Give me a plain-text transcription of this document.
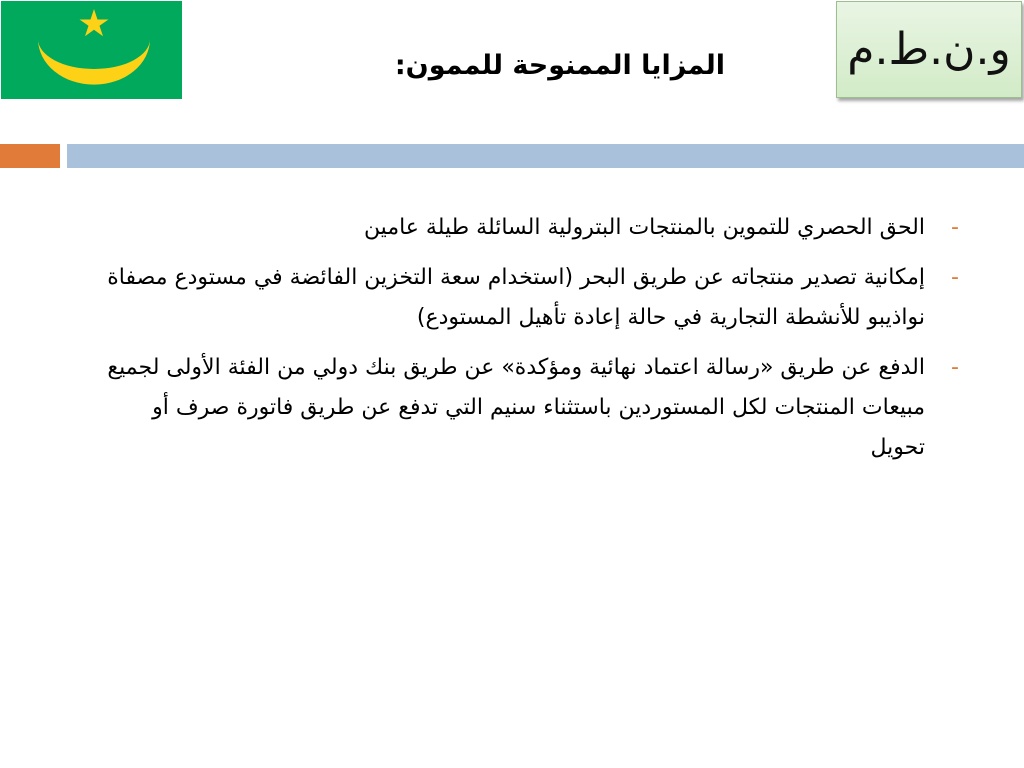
المزايا الممنوحة للممون:	و.ن.ط.م
-
الحق الحصري للتموين بالمنتجات البترولية السائلة طيلة عامين
-
إمكانية تصدير منتجاته عن طريق البحر (استخدام سعة التخزين الفائضة في مستودع مصفاة نواذيبو للأنشطة التجارية في حالة إعادة تأهيل المستودع)
-
الدفع عن طريق «رسالة اعتماد نهائية ومؤكدة» عن طريق بنك دولي من الفئة الأولى لجميع مبيعات المنتجات لكل المستوردين باستثناء سنيم التي تدفع عن طريق فاتورة صرف أو تحويل
